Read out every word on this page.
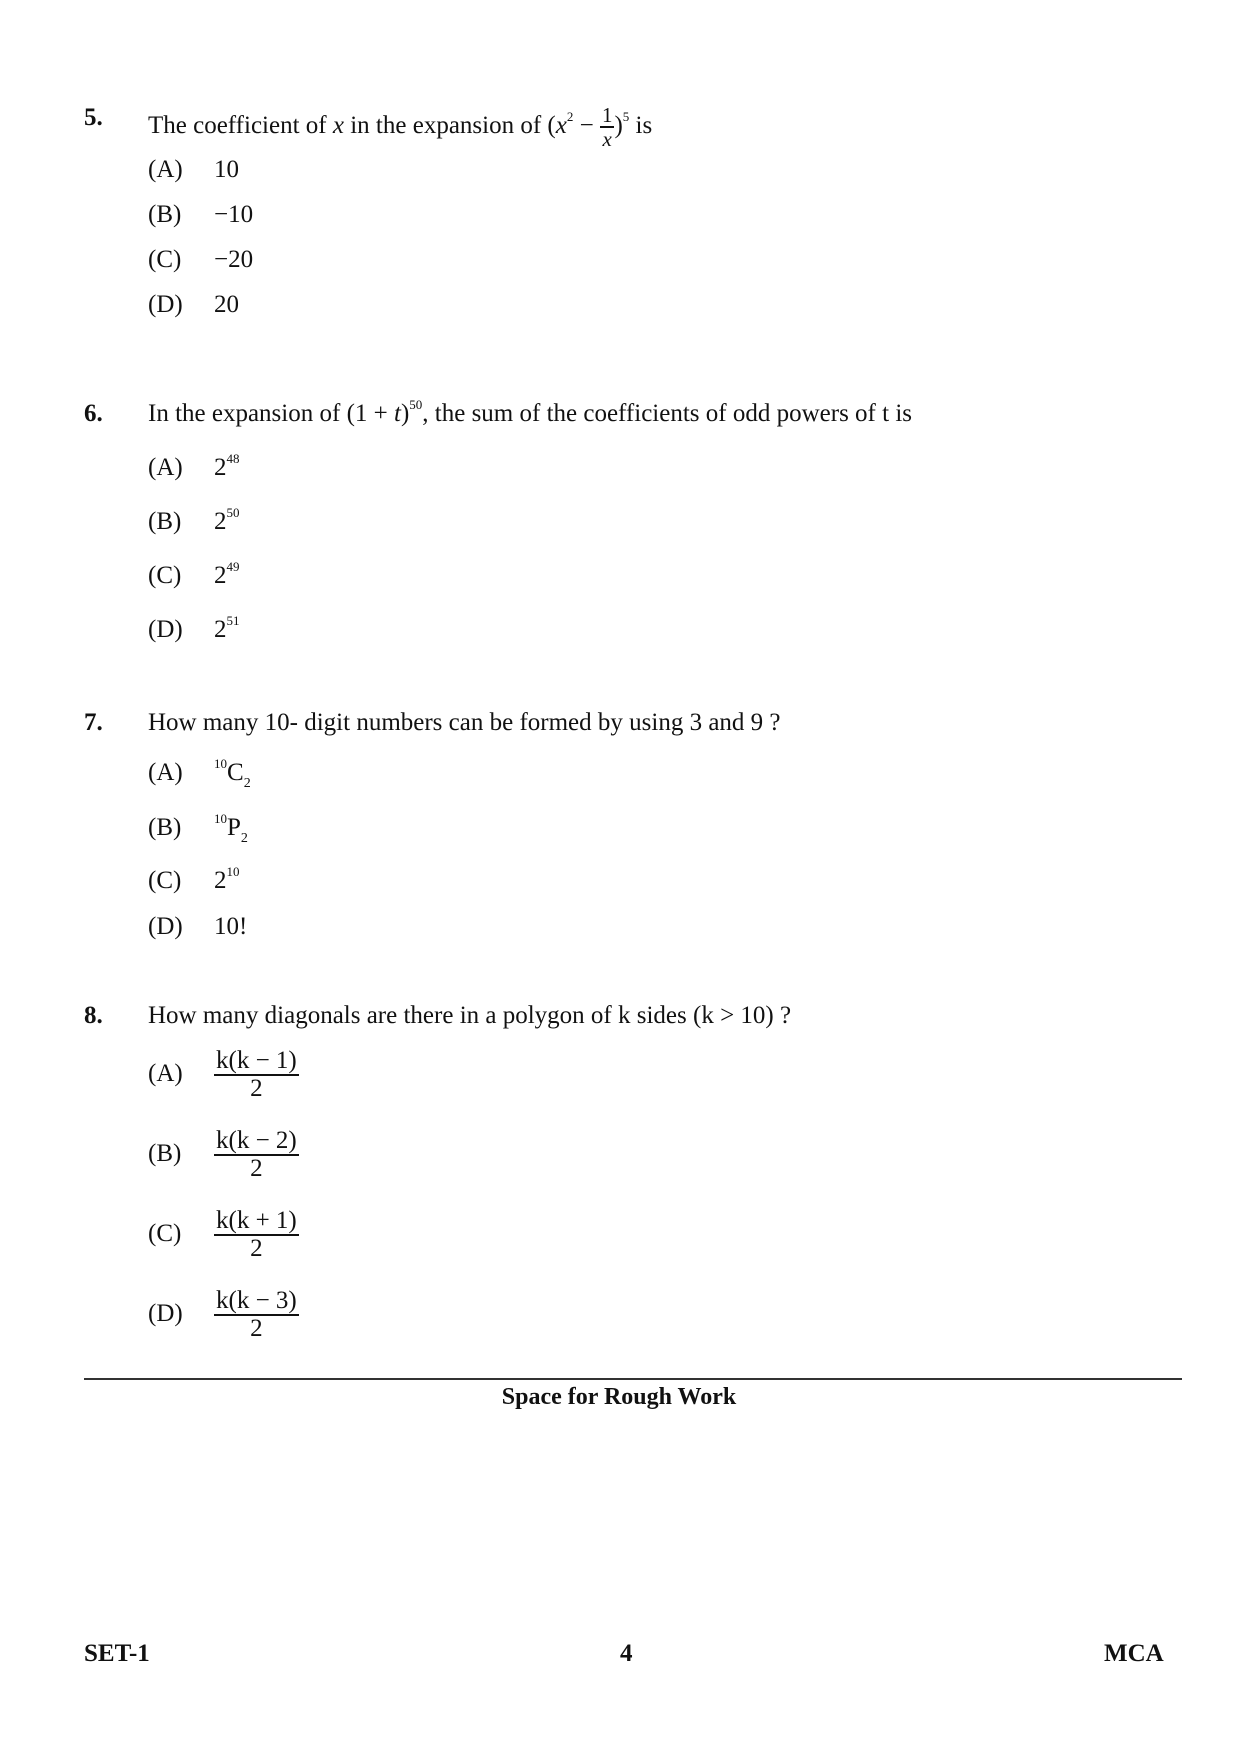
5. The coefficient of x in the expansion of $(x^2 - \frac{1}{x} )^5$ is
(A) 10
(B) −10
(C) −20
(D) 20
6. In the expansion of $(1 + t)^{50}$, the sum of the coefficients of odd powers of t is
(A) $2^{48}$
(B) $2^{50}$
(C) $2^{49}$
(D) $2^{51}$
7. How many 10- digit numbers can be formed by using 3 and 9 ?
(A) $^{10}C_2$
(B)	$^{10}P_2$
(C) $2^{10}$
(D) 10!
8. How many diagonals are there in a polygon of k sides (k > 10) ?
$(A) \frac{k(k - 1)}{2}$
$(B) \frac{k(k - 2)}{2}$
$(C) \frac{k(k + 1)}{2}$
$(D) \frac{k(k - 3)}{2}$
Space for Rough Work
SET-1	4	MCA
